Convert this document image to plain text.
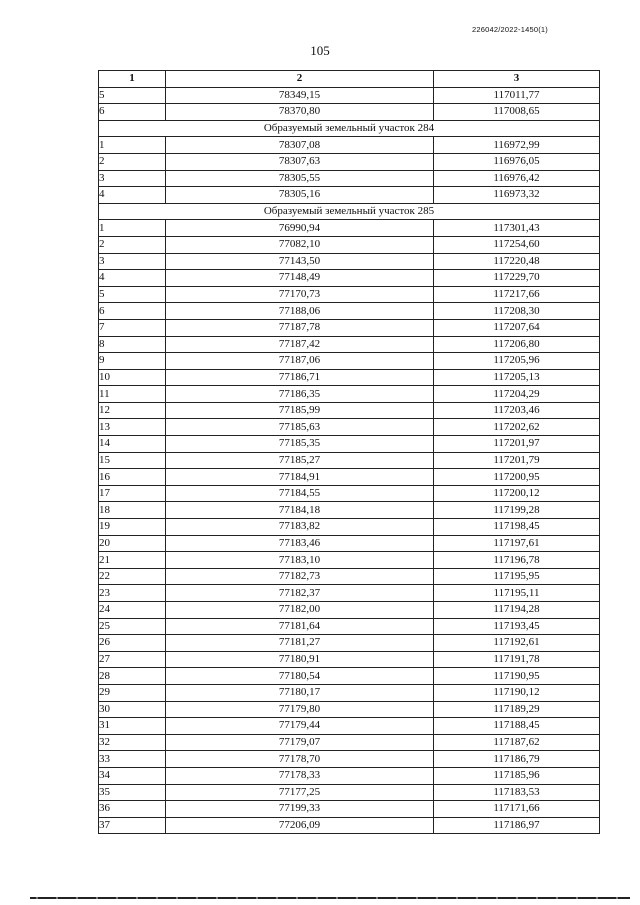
226042/2022-1450(1)
105
1	2	3
5	78349,15	117011,77
6	78370,80	117008,65
Образуемый земельный участок 284		
1	78307,08	116972,99
2	78307,63	116976,05
3	78305,55	116976,42
4	78305,16	116973,32
Образуемый земельный участок 285		
1	76990,94	117301,43
2	77082,10	117254,60
3	77143,50	117220,48
4	77148,49	117229,70
5	77170,73	117217,66
6	77188,06	117208,30
7	77187,78	117207,64
8	77187,42	117206,80
9	77187,06	117205,96
10	77186,71	117205,13
11	77186,35	117204,29
12	77185,99	117203,46
13	77185,63	117202,62
14	77185,35	117201,97
15	77185,27	117201,79
16	77184,91	117200,95
17	77184,55	117200,12
18	77184,18	117199,28
19	77183,82	117198,45
20	77183,46	117197,61
21	77183,10	117196,78
22	77182,73	117195,95
23	77182,37	117195,11
24	77182,00	117194,28
25	77181,64	117193,45
26	77181,27	117192,61
27	77180,91	117191,78
28	77180,54	117190,95
29	77180,17	117190,12
30	77179,80	117189,29
31	77179,44	117188,45
32	77179,07	117187,62
33	77178,70	117186,79
34	77178,33	117185,96
35	77177,25	117183,53
36	77199,33	117171,66
37	77206,09	117186,97
